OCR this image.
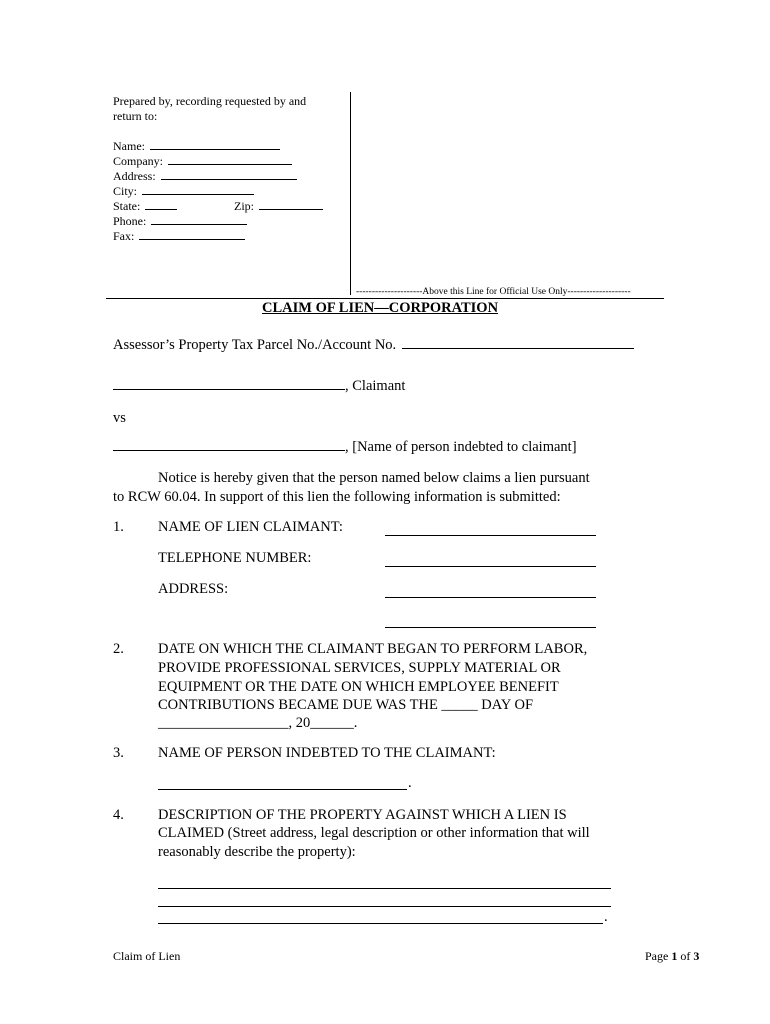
Prepared by, recording requested by and
return to:
Name:
Company:
Address:
City:
State:	Zip:
Phone:
Fax:
---------------------Above this Line for Official Use Only--------------------
CLAIM OF LIEN—CORPORATION
Assessor’s Property Tax Parcel No./Account No.
, Claimant
vs
, [Name of person indebted to claimant]
Notice is hereby given that the person named below claims a lien pursuant
to RCW 60.04. In support of this lien the following information is submitted:
1. NAME OF LIEN CLAIMANT:
TELEPHONE NUMBER:
ADDRESS:
2. DATE ON WHICH THE CLAIMANT BEGAN TO PERFORM LABOR,
PROVIDE PROFESSIONAL SERVICES, SUPPLY MATERIAL OR
EQUIPMENT OR THE DATE ON WHICH EMPLOYEE BENEFIT
CONTRIBUTIONS BECAME DUE WAS THE _____ DAY OF
__________________, 20______.
3. NAME OF PERSON INDEBTED TO THE CLAIMANT:
.
4. DESCRIPTION OF THE PROPERTY AGAINST WHICH A LIEN IS
CLAIMED (Street address, legal description or other information that will
reasonably describe the property):
.
Claim of Lien	Page 1 of 3
